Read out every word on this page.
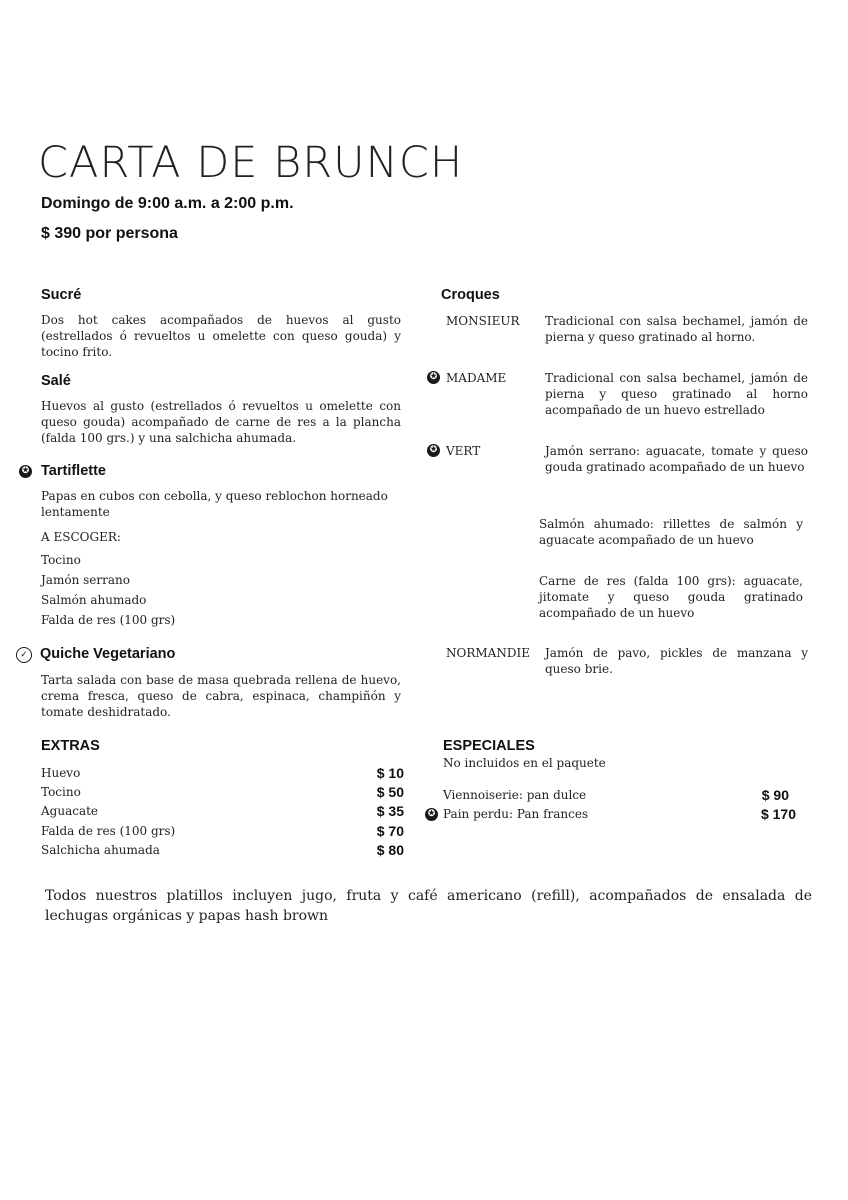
CARTA DE BRUNCH
Domingo de 9:00 a.m. a 2:00 p.m.
$ 390 por persona
Sucré
Dos hot cakes acompañados de huevos al gusto (estrellados ó revueltos u omelette con queso gouda) y tocino frito.
Salé
Huevos al gusto (estrellados ó revueltos u omelette con queso gouda) acompañado de carne de res a la plancha (falda 100 grs.) y una salchicha ahumada.
✪ Tartiflette
Papas en cubos con cebolla, y queso reblochon horneado lentamente
A ESCOGER:
Tocino
Jamón serrano
Salmón ahumado
Falda de res (100 grs)
✓ Quiche Vegetariano
Tarta salada con base de masa quebrada rellena de huevo, crema fresca, queso de cabra, espinaca, champiñón y tomate deshidratado.
Croques
MONSIEUR Tradicional con salsa bechamel, jamón de pierna y queso gratinado al horno.
✪ MADAME	Tradicional con salsa bechamel, jamón de pierna y queso gratinado al horno acompañado de un huevo estrellado
✪ VERT	Jamón serrano: aguacate, tomate y queso gouda gratinado acompañado de un huevo
Salmón ahumado: rillettes de salmón y aguacate acompañado de un huevo
Carne de res (falda 100 grs): aguacate, jitomate y queso gouda gratinado acompañado de un huevo
NORMANDIE Jamón de pavo, pickles de manzana y queso brie.
EXTRAS
Huevo	$ 10
Tocino	$ 50
Aguacate	$ 35
Falda de res (100 grs)	$ 70
Salchicha ahumada	$ 80
ESPECIALES
No incluidos en el paquete
Viennoiserie: pan dulce	$ 90
✪ Pain perdu: Pan frances	$ 170
Todos nuestros platillos incluyen jugo, fruta y café americano (refill), acompañados de ensalada de lechugas orgánicas y papas hash brown
